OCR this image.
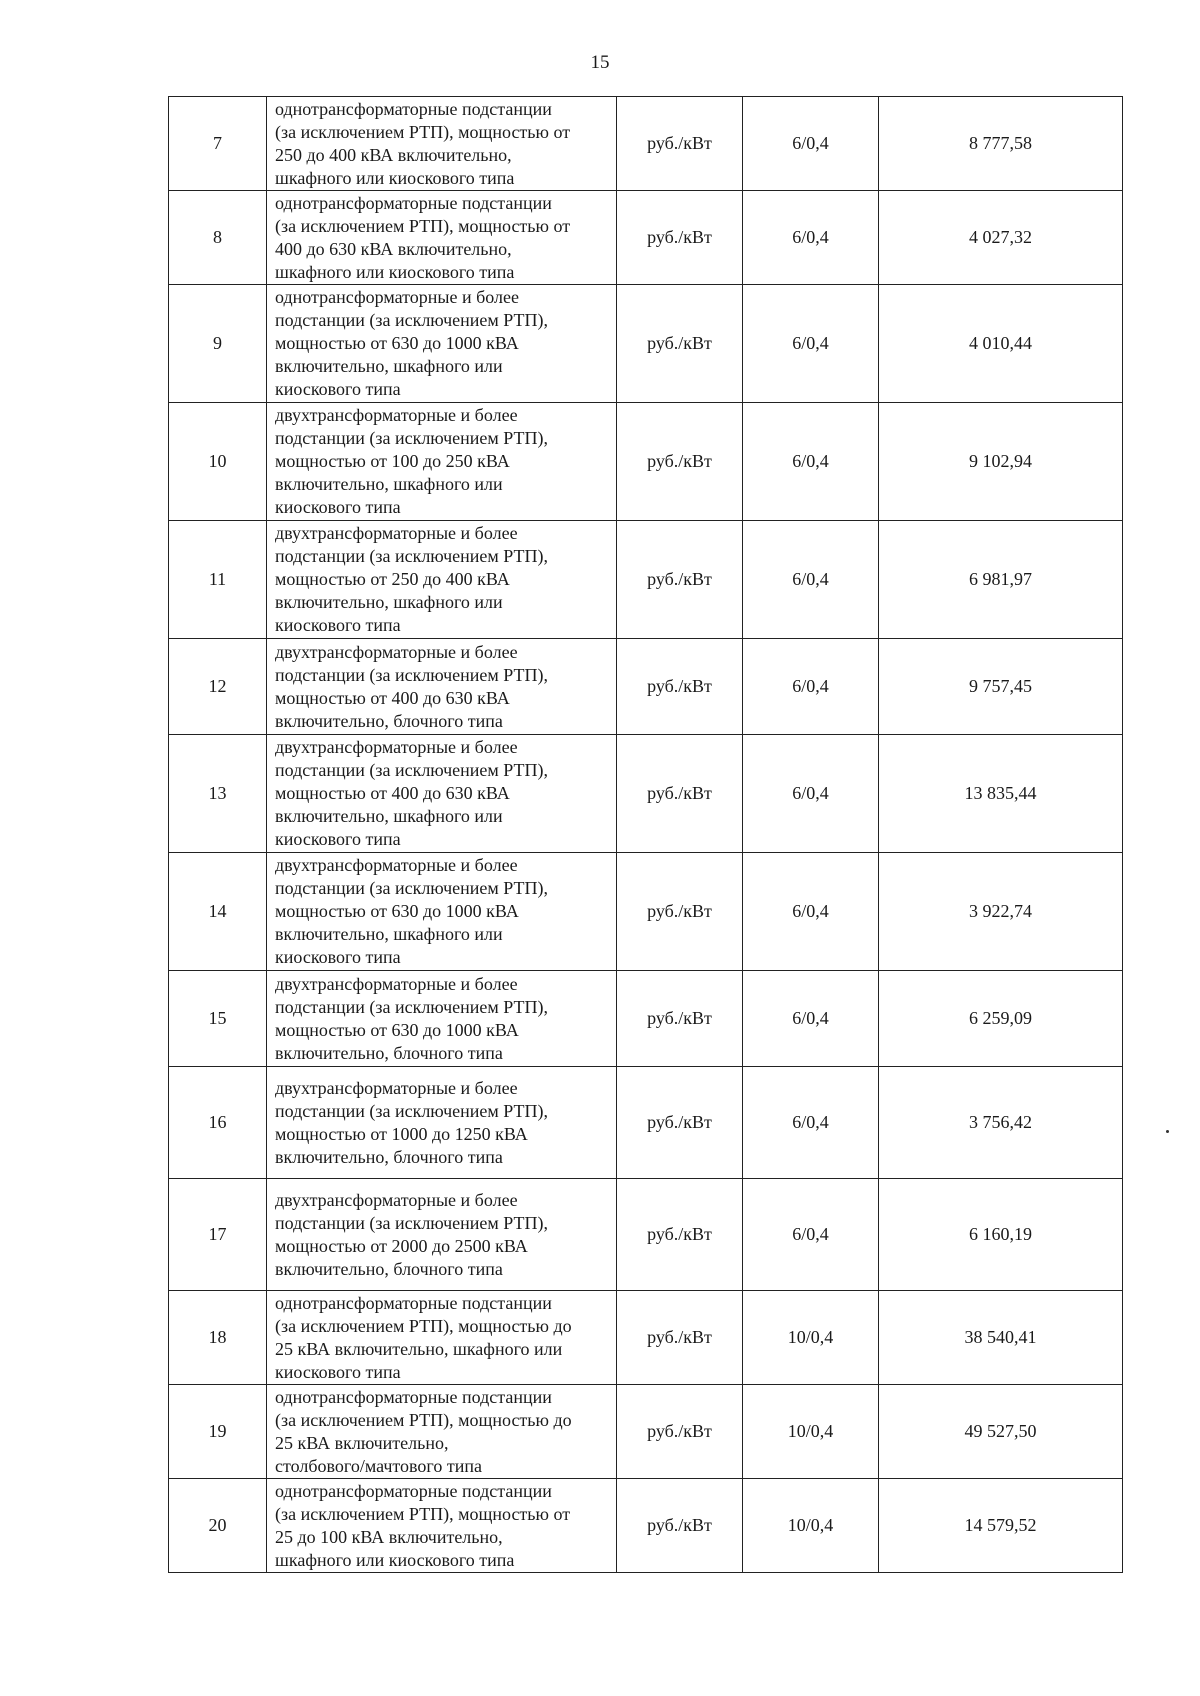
15
7	однотрансформаторные подстанции
(за исключением РТП), мощностью от
250 до 400 кВА включительно,
шкафного или киоскового типа	руб./кВт	6/0,4	8 777,58
8	однотрансформаторные подстанции
(за исключением РТП), мощностью от
400 до 630 кВА включительно,
шкафного или киоскового типа	руб./кВт	6/0,4	4 027,32
9	однотрансформаторные и более
подстанции (за исключением РТП),
мощностью от 630 до 1000 кВА
включительно, шкафного или
киоскового типа	руб./кВт	6/0,4	4 010,44
10	двухтрансформаторные и более
подстанции (за исключением РТП),
мощностью от 100 до 250 кВА
включительно, шкафного или
киоскового типа	руб./кВт	6/0,4	9 102,94
11	двухтрансформаторные и более
подстанции (за исключением РТП),
мощностью от 250 до 400 кВА
включительно, шкафного или
киоскового типа	руб./кВт	6/0,4	6 981,97
12	двухтрансформаторные и более
подстанции (за исключением РТП),
мощностью от 400 до 630 кВА
включительно, блочного типа	руб./кВт	6/0,4	9 757,45
13	двухтрансформаторные и более
подстанции (за исключением РТП),
мощностью от 400 до 630 кВА
включительно, шкафного или
киоскового типа	руб./кВт	6/0,4	13 835,44
14	двухтрансформаторные и более
подстанции (за исключением РТП),
мощностью от 630 до 1000 кВА
включительно, шкафного или
киоскового типа	руб./кВт	6/0,4	3 922,74
15	двухтрансформаторные и более
подстанции (за исключением РТП),
мощностью от 630 до 1000 кВА
включительно, блочного типа	руб./кВт	6/0,4	6 259,09
16	двухтрансформаторные и более
подстанции (за исключением РТП),
мощностью от 1000 до 1250 кВА
включительно, блочного типа	руб./кВт	6/0,4	3 756,42
17	двухтрансформаторные и более
подстанции (за исключением РТП),
мощностью от 2000 до 2500 кВА
включительно, блочного типа	руб./кВт	6/0,4	6 160,19
18	однотрансформаторные подстанции
(за исключением РТП), мощностью до
25 кВА включительно, шкафного или
киоскового типа	руб./кВт	10/0,4	38 540,41
19	однотрансформаторные подстанции
(за исключением РТП), мощностью до
25 кВА включительно,
столбового/мачтового типа	руб./кВт	10/0,4	49 527,50
20	однотрансформаторные подстанции
(за исключением РТП), мощностью от
25 до 100 кВА включительно,
шкафного или киоскового типа	руб./кВт	10/0,4	14 579,52
